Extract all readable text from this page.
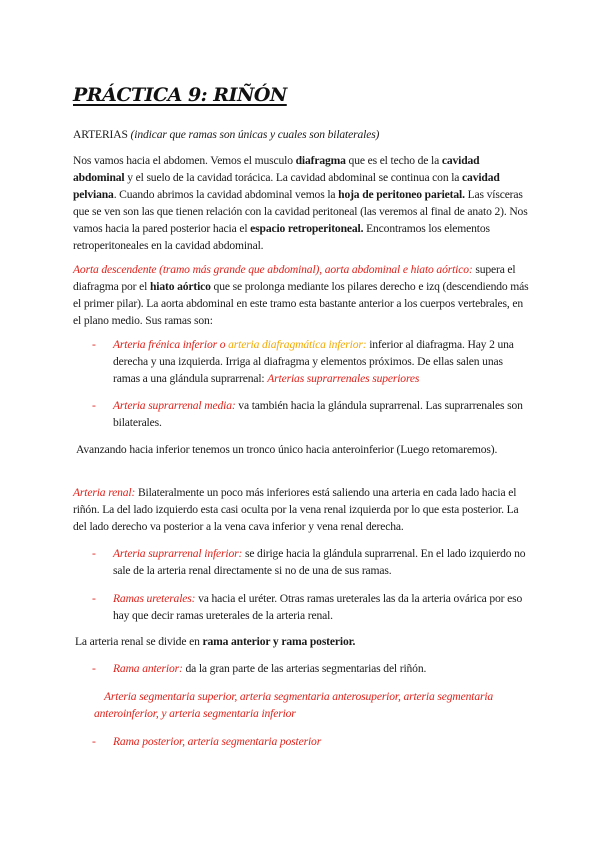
PRÁCTICA 9: RIÑÓN
ARTERIAS (indicar que ramas son únicas y cuales son bilaterales)
Nos vamos hacia el abdomen. Vemos el musculo diafragma que es el techo de la cavidad abdominal y el suelo de la cavidad torácica. La cavidad abdominal se continua con la cavidad pelviana. Cuando abrimos la cavidad abdominal vemos la hoja de peritoneo parietal. Las vísceras que se ven son las que tienen relación con la cavidad peritoneal (las veremos al final de anato 2). Nos vamos hacia la pared posterior hacia el espacio retroperitoneal. Encontramos los elementos retroperitoneales en la cavidad abdominal.
Aorta descendente (tramo más grande que abdominal), aorta abdominal e hiato aórtico: supera el diafragma por el hiato aórtico que se prolonga mediante los pilares derecho e izq (descendiendo más el primer pilar). La aorta abdominal en este tramo esta bastante anterior a los cuerpos vertebrales, en el plano medio. Sus ramas son:
- Arteria frénica inferior o arteria diafragmática inferior: inferior al diafragma. Hay 2 una derecha y una izquierda. Irriga al diafragma y elementos próximos. De ellas salen unas ramas a una glándula suprarrenal: Arterias suprarrenales superiores
- Arteria suprarrenal media: va también hacia la glándula suprarrenal. Las suprarrenales son bilaterales.
Avanzando hacia inferior tenemos un tronco único hacia anteroinferior (Luego retomaremos).
Arteria renal: Bilateralmente un poco más inferiores está saliendo una arteria en cada lado hacia el riñón. La del lado izquierdo esta casi oculta por la vena renal izquierda por lo que esta posterior. La del lado derecho va posterior a la vena cava inferior y vena renal derecha.
- Arteria suprarrenal inferior: se dirige hacia la glándula suprarrenal. En el lado izquierdo no sale de la arteria renal directamente si no de una de sus ramas.
- Ramas ureterales: va hacia el uréter. Otras ramas ureterales las da la arteria ovárica por eso hay que decir ramas ureterales de la arteria renal.
La arteria renal se divide en rama anterior y rama posterior.
- Rama anterior: da la gran parte de las arterias segmentarias del riñón.
Arteria segmentaria superior, arteria segmentaria anterosuperior, arteria segmentaria anteroinferior, y arteria segmentaria inferior
- Rama posterior, arteria segmentaria posterior
